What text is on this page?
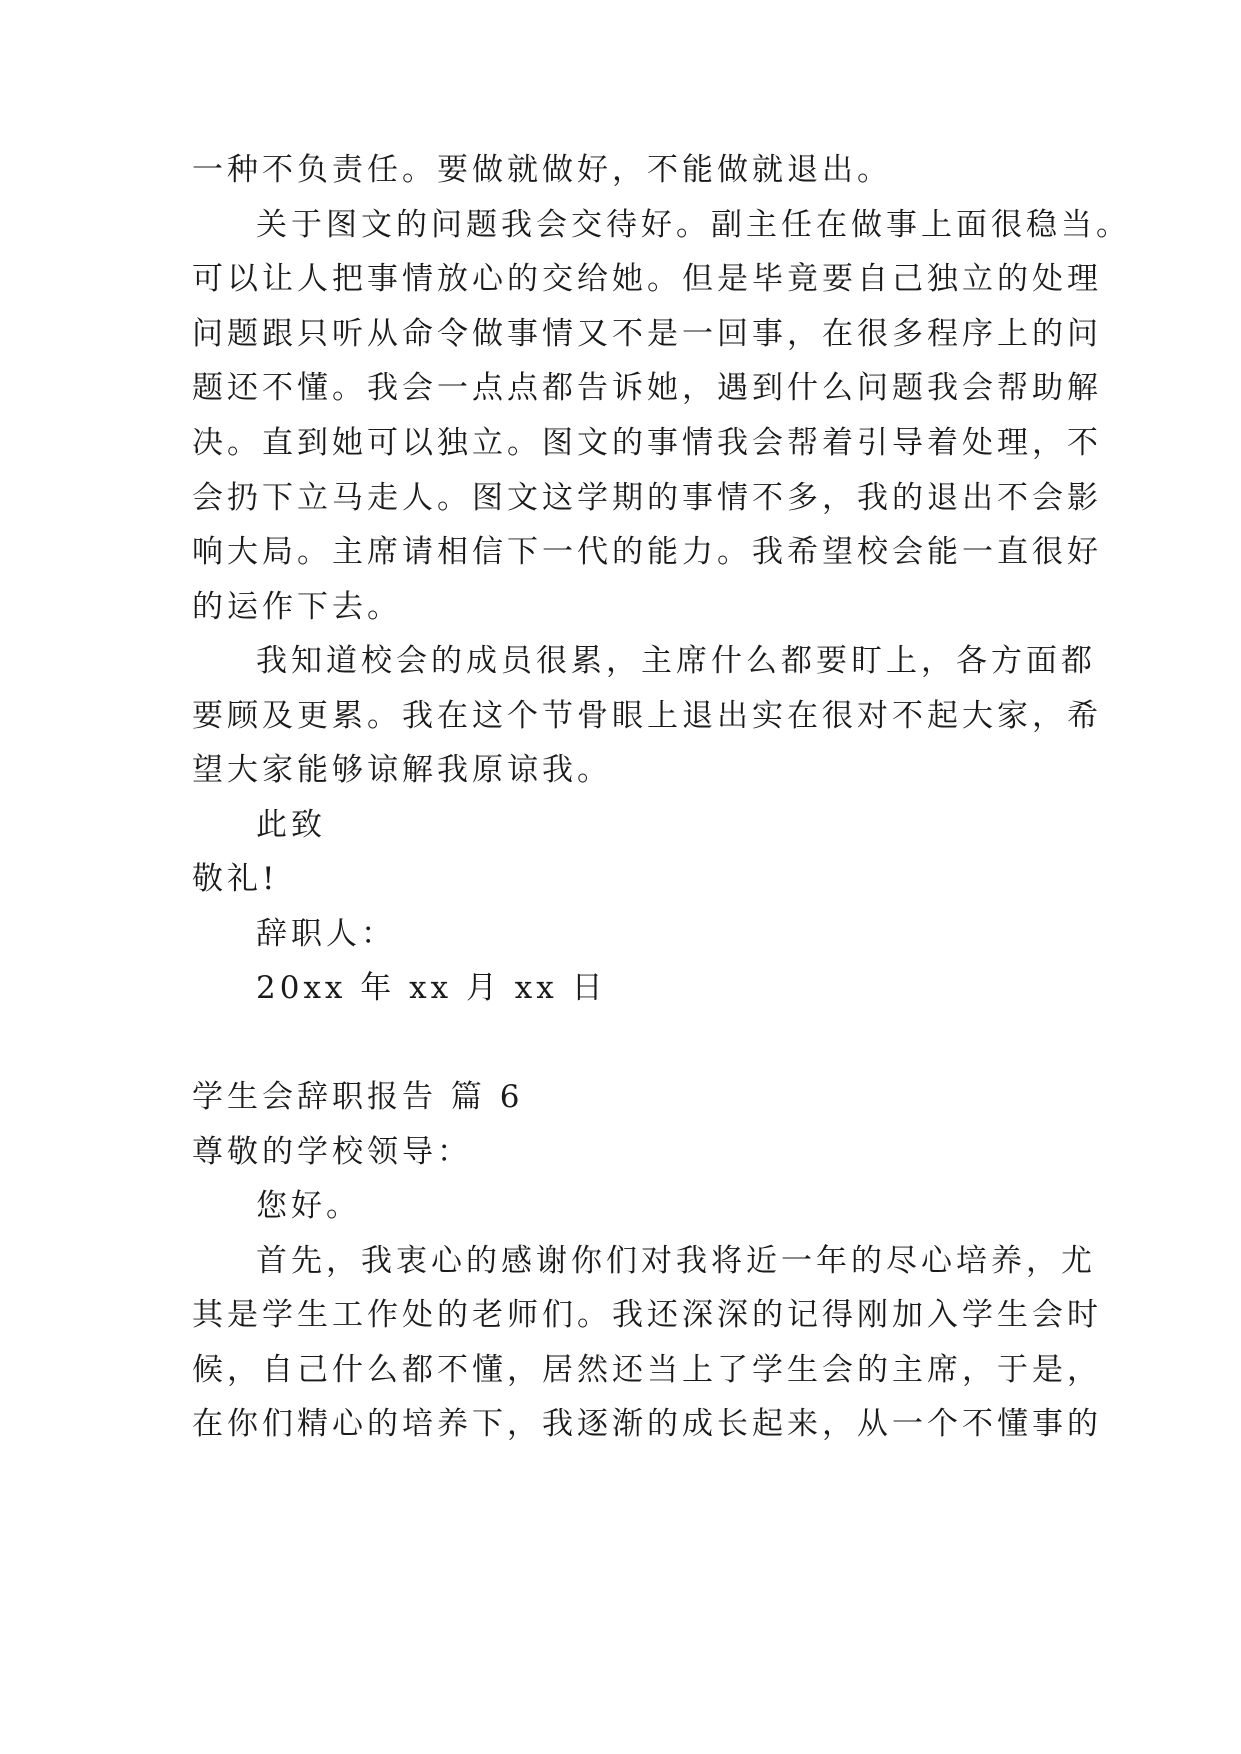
一种不负责任。要做就做好，不能做就退出。
关于图文的问题我会交待好。副主任在做事上面很稳当。
可以让人把事情放心的交给她。但是毕竟要自己独立的处理
问题跟只听从命令做事情又不是一回事，在很多程序上的问
题还不懂。我会一点点都告诉她，遇到什么问题我会帮助解
决。直到她可以独立。图文的事情我会帮着引导着处理，不
会扔下立马走人。图文这学期的事情不多，我的退出不会影
响大局。主席请相信下一代的能力。我希望校会能一直很好
的运作下去。
我知道校会的成员很累，主席什么都要盯上，各方面都
要顾及更累。我在这个节骨眼上退出实在很对不起大家，希
望大家能够谅解我原谅我。
此致
敬礼!
辞职人：
20xx 年 xx 月 xx 日
学生会辞职报告 篇 6
尊敬的学校领导：
您好。
首先，我衷心的感谢你们对我将近一年的尽心培养，尤
其是学生工作处的老师们。我还深深的记得刚加入学生会时
候，自己什么都不懂，居然还当上了学生会的主席，于是，
在你们精心的培养下，我逐渐的成长起来，从一个不懂事的
